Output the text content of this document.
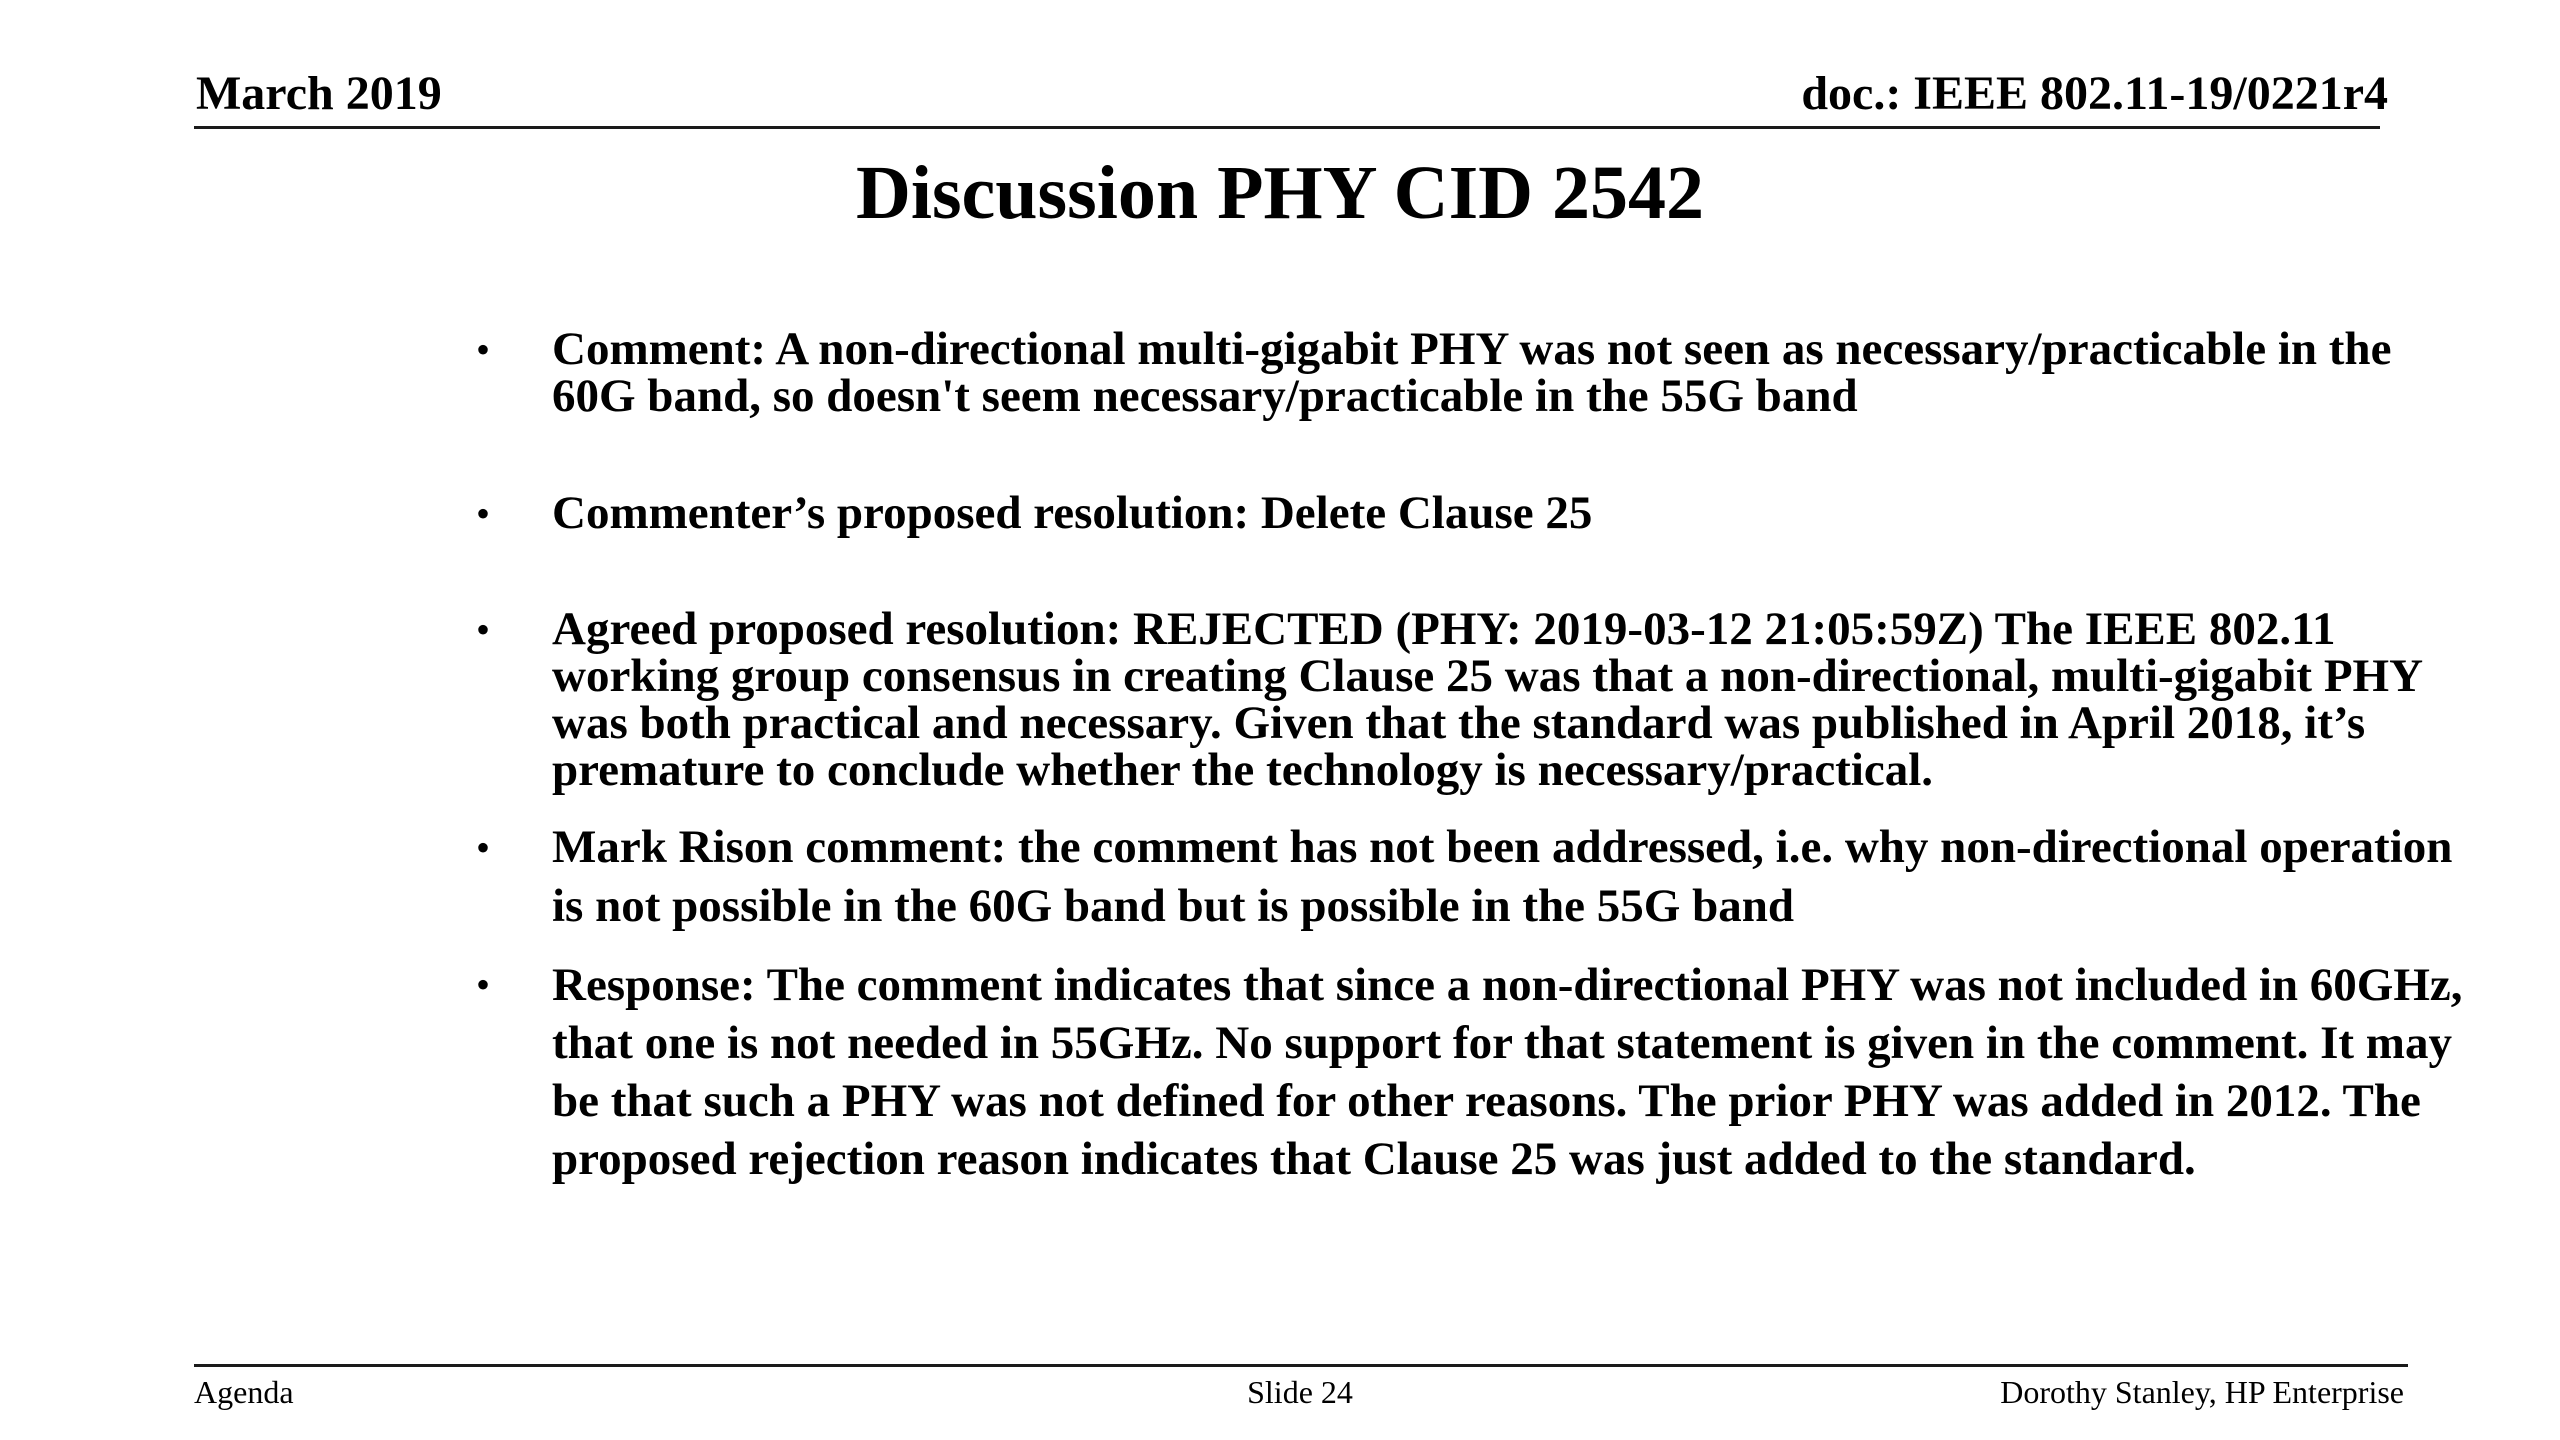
March 2019	doc.: IEEE 802.11-19/0221r4
Discussion PHY CID 2542
• Comment: A non-directional multi-gigabit PHY was not seen as necessary/practicable in the 60G band, so doesn't seem necessary/practicable in the 55G band
• Commenter’s proposed resolution: Delete Clause 25
• Agreed proposed resolution: REJECTED (PHY: 2019-03-12 21:05:59Z) The IEEE 802.11 working group consensus in creating Clause 25 was that a non-directional, multi-gigabit PHY was both practical and necessary. Given that the standard was published in April 2018, it’s premature to conclude whether the technology is necessary/practical.
• Mark Rison comment: the comment has not been addressed, i.e. why non-directional operation is not possible in the 60G band but is possible in the 55G band
• Response: The comment indicates that since a non-directional PHY was not included in 60GHz, that one is not needed in 55GHz. No support for that statement is given in the comment. It may be that such a PHY was not defined for other reasons. The prior PHY was added in 2012. The proposed rejection reason indicates that Clause 25 was just added to the standard.
Agenda	Slide 24	Dorothy Stanley, HP Enterprise
